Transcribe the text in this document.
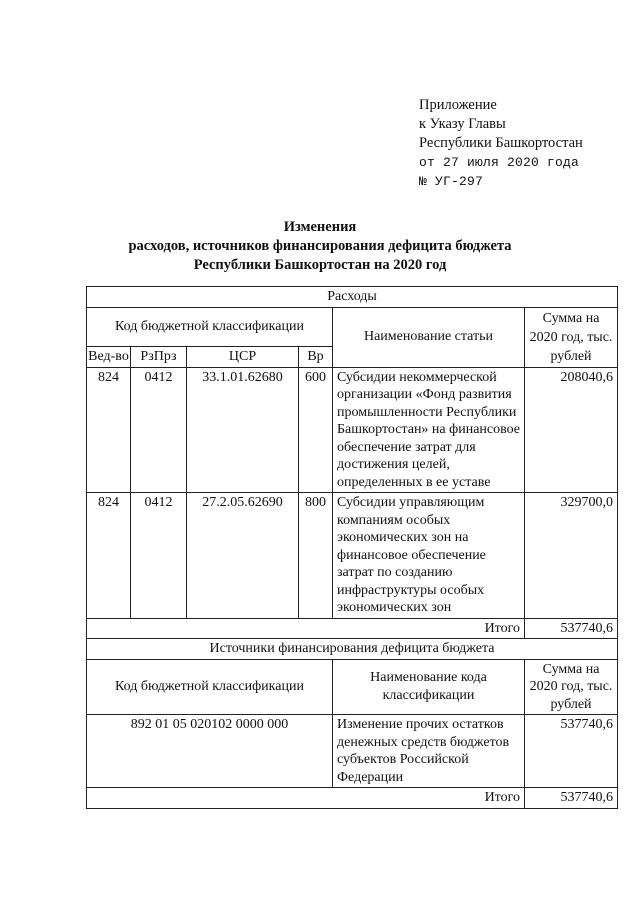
Приложение
к Указу Главы
Республики Башкортостан
от 27 июля 2020 года
№ УГ-297
Изменения
расходов, источников финансирования дефицита бюджета
Республики Башкортостан на 2020 год
Расходы					
Код бюджетной классификации				Наименование статьи	Сумма на 2020 год, тыс. рублей
Вед-во	РзПрз	ЦСР	Вр		
824	0412	33.1.01.62680	600	Субсидии некоммерческой организации «Фонд развития промышленности Республики Башкортостан» на финансовое обеспечение затрат для достижения целей, определенных в ее уставе	208040,6
824	0412	27.2.05.62690	800	Субсидии управляющим компаниям особых экономических зон на финансовое обеспечение затрат по созданию инфраструктуры особых экономических зон	329700,0
Итого					537740,6
Источники финансирования дефицита бюджета					
Код бюджетной классификации				Наименование кода классификации	Сумма на 2020 год, тыс. рублей
892 01 05 020102 0000 000				Изменение прочих остатков денежных средств бюджетов субъектов Российской Федерации	537740,6
Итого					537740,6
